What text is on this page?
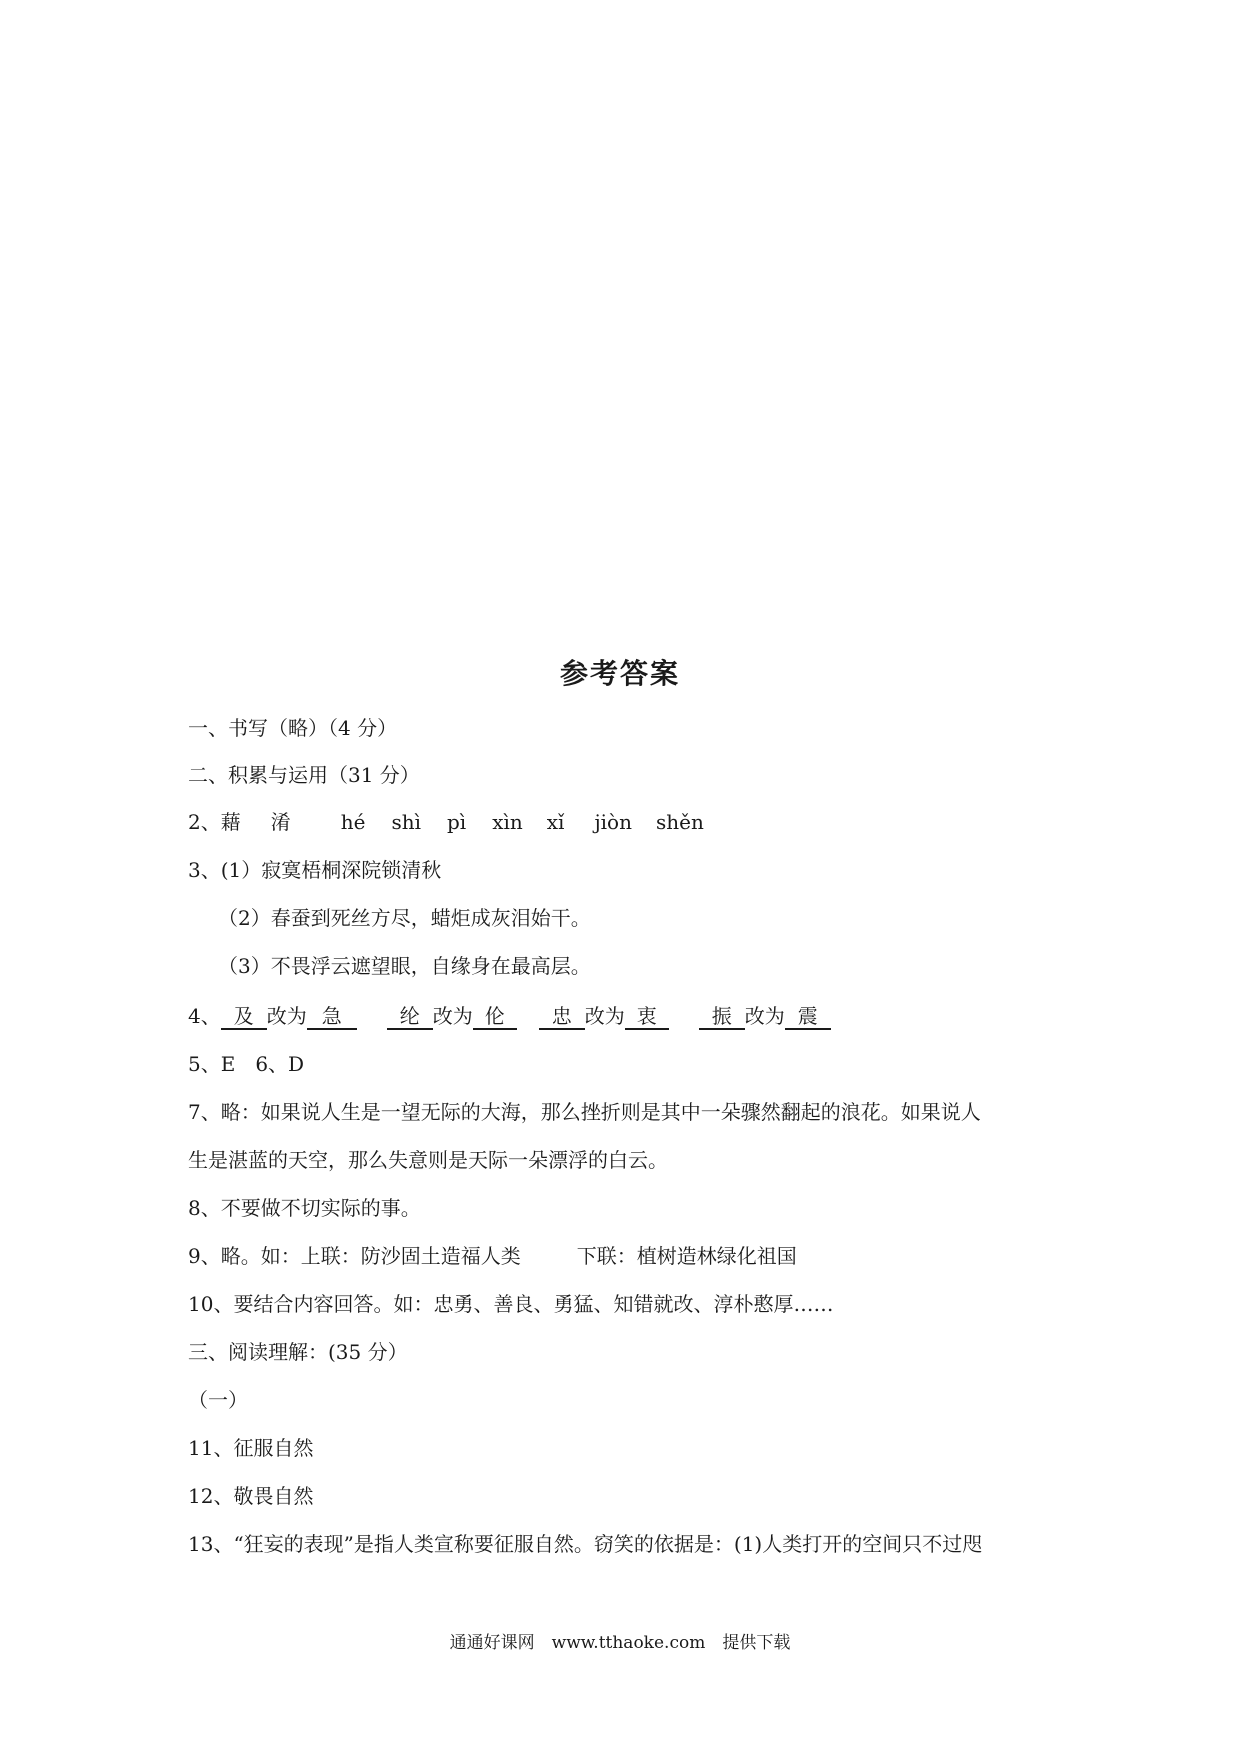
参考答案
一、书写（略）（4 分）
二、积累与运用（31 分）
2、藉 淆	hé shì pì xìn xǐ jiòn shěn
3、(1）寂寞梧桐深院锁清秋
（2）春蚕到死丝方尽，蜡炬成灰泪始干。
（3）不畏浮云遮望眼，自缘身在最高层。
4、 及 改为 急	纶 改为 伦 忠 改为 衷	振 改为 震
5、E　6、D
7、略：如果说人生是一望无际的大海，那么挫折则是其中一朵骤然翻起的浪花。如果说人
生是湛蓝的天空，那么失意则是天际一朵漂浮的白云。
8、不要做不切实际的事。
9、略。如：上联：防沙固土造福人类	下联：植树造林绿化祖国
10、要结合内容回答。如：忠勇、善良、勇猛、知错就改、淳朴憨厚……
三、阅读理解：(35 分）
（一）
11、征服自然
12、敬畏自然
13、“狂妄的表现”是指人类宣称要征服自然。窃笑的依据是：(1)人类打开的空间只不过咫
通通好课网　www.tthaoke.com　提供下载
